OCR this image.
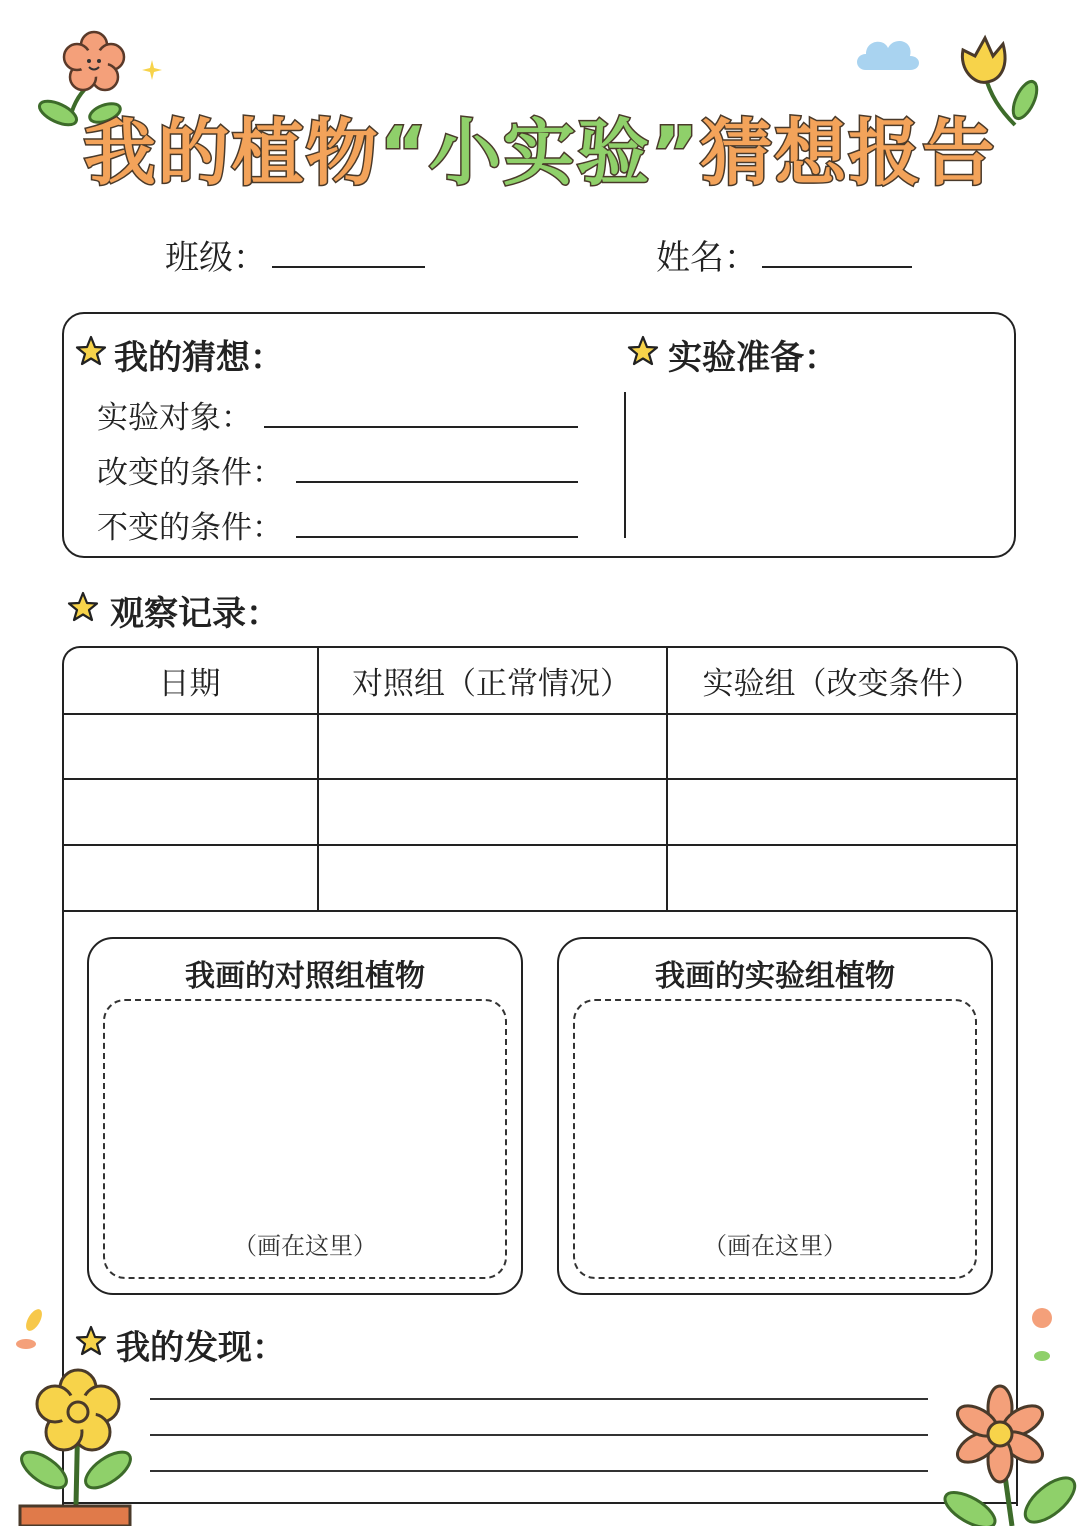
我的植物“小实验”猜想报告
班级：	姓名：
我的猜想：
实验对象：
改变的条件：
不变的条件：
实验准备：
观察记录：
日期	对照组（正常情况）	实验组（改变条件）
我画的对照组植物
（画在这里）
我画的实验组植物
（画在这里）
我的发现：
